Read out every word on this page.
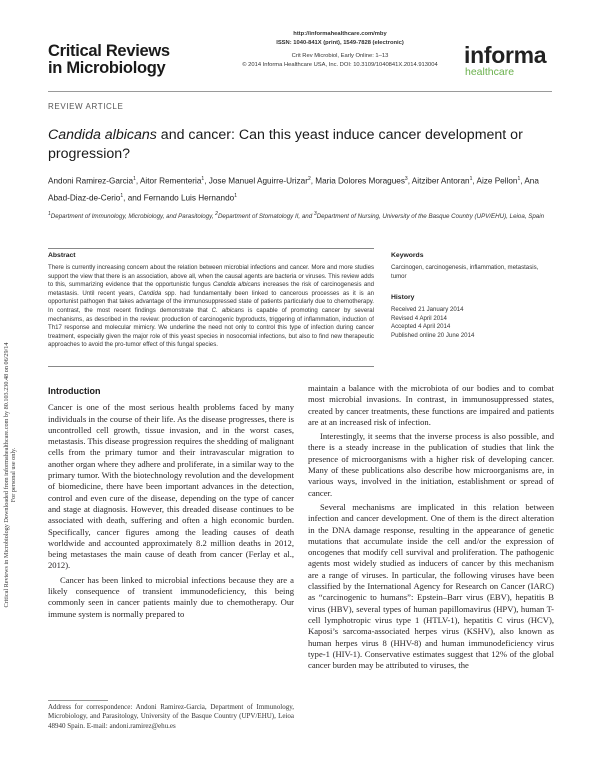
Critical Reviews in Microbiology Downloaded from informahealthcare.com by 80.103.230.48 on 06/29/14 For personal use only.
Critical Reviews
in Microbiology
http://informahealthcare.com/mby
ISSN: 1040-841X (print), 1549-7828 (electronic)
Crit Rev Microbiol, Early Online: 1–13
© 2014 Informa Healthcare USA, Inc. DOI: 10.3109/1040841X.2014.913004 informa
healthcare
REVIEW ARTICLE
Candida albicans and cancer: Can this yeast induce cancer development or progression?
Andoni Ramirez-Garcia$^1$, Aitor Rementeria$^1$, Jose Manuel Aguirre-Urizar$^2$, Maria Dolores Moragues$^3$, Aitziber Antoran$^1$, Aize Pellon$^1$, Ana Abad-Diaz-de-Cerio$^1$, and Fernando Luis Hernando$^1$
$^1$Department of Immunology, Microbiology, and Parasitology, $^2$Department of Stomatology II, and $^3$Department of Nursing, University of the Basque Country (UPV/EHU), Leioa, Spain
Abstract
There is currently increasing concern about the relation between microbial infections and cancer. More and more studies support the view that there is an association, above all, when the causal agents are bacteria or viruses. This review adds to this, summarizing evidence that the opportunistic fungus Candida albicans increases the risk of carcinogenesis and metastasis. Until recent years, Candida spp. had fundamentally been linked to cancerous processes as it is an opportunist pathogen that takes advantage of the immunosuppressed state of patients particularly due to chemotherapy. In contrast, the most recent findings demonstrate that C. albicans is capable of promoting cancer by several mechanisms, as described in the review: production of carcinogenic byproducts, triggering of inflammation, induction of Th17 response and molecular mimicry. We underline the need not only to control this type of infection during cancer treatment, especially given the major role of this yeast species in nosocomial infections, but also to find new therapeutic approaches to avoid the pro-tumor effect of this fungal species.
Keywords
Carcinogen, carcinogenesis, inflammation, metastasis, tumor
History
Received 21 January 2014
Revised 4 April 2014
Accepted 4 April 2014
Published online 20 June 2014
Introduction

Cancer is one of the most serious health problems faced by many individuals in the course of their life. As the disease progresses, there is uncontrolled cell growth, tissue invasion, and in the worst cases, metastasis. This disease progression requires the shedding of malignant cells from the primary tumor and their intravascular migration to another organ where they adhere and proliferate, in a similar way to the primary tumor. With the biotechnology revolution and the development of biomedicine, there have been important advances in the detection, control and even cure of the disease, depending on the type of cancer and stage at diagnosis. However, this dreaded disease continues to be associated with death, suffering and often a high economic burden. Specifically, cancer figures among the leading causes of death worldwide and accounted approximately 8.2 million deaths in 2012, being metastases the main cause of death from cancer (Ferlay et al., 2012).

Cancer has been linked to microbial infections because they are a likely consequence of transient immunodeficiency, this being commonly seen in cancer patients mainly due to chemotherapy. Our immune system is normally prepared to

maintain a balance with the microbiota of our bodies and to combat most microbial invasions. In contrast, in immunosuppressed states, created by cancer treatments, these functions are impaired and patients are at an increased risk of infection.

Interestingly, it seems that the inverse process is also possible, and there is a steady increase in the publication of studies that link the presence of microorganisms with a higher risk of developing cancer. Many of these publications also describe how microorganisms are, in various ways, involved in the initiation, establishment or spread of cancer.

Several mechanisms are implicated in this relation between infection and cancer development. One of them is the direct alteration in the DNA damage response, resulting in the appearance of genetic mutations that accumulate inside the cell and/or the expression of oncogenes that modify cell survival and proliferation. The pathogenic agents most widely studied as inducers of cancer by this mechanism are a range of viruses. In particular, the following viruses have been classified by the International Agency for Research on Cancer (IARC) as “carcinogenic to humans”: Epstein–Barr virus (EBV), hepatitis B virus (HBV), several types of human papillomavirus (HPV), human T-cell lymphotropic virus type 1 (HTLV-1), hepatitis C virus (HCV), Kaposi’s sarcoma-associated herpes virus (KSHV), also known as human herpes virus 8 (HHV-8) and human immunodeficiency virus type-1 (HIV-1). Conservative estimates suggest that 12% of the global cancer burden may be attributed to viruses, the

Address for correspondence: Andoni Ramirez-Garcia, Department of Immunology, Microbiology, and Parasitology, University of the Basque Country (UPV/EHU), Leioa 48940 Spain. E-mail: andoni.ramirez@ehu.es
